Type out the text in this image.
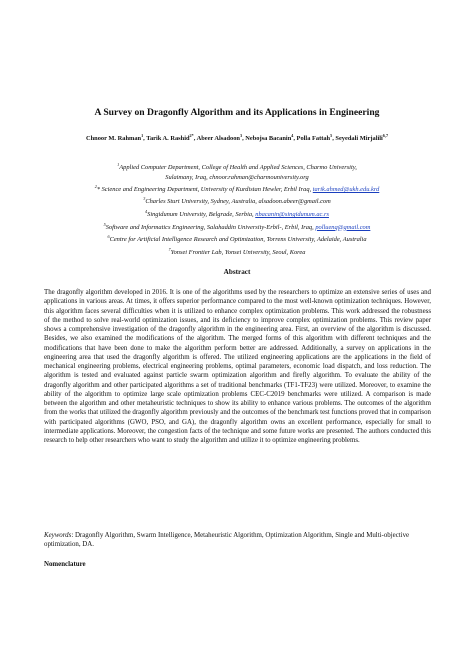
A Survey on Dragonfly Algorithm and its Applications in Engineering
Chnoor M. Rahman$^1$, Tarik A. Rashid$^{2*}$, Abeer Alsadoon$^3$, Nebojsa Bacanin$^4$, Polla Fattah$^5$, Seyedali Mirjalili$^{6,7}$
$^1$Applied Computer Department, College of Health and Applied Sciences, Charmo University,
Sulaimany, Iraq, chnoor.rahman@charmouniversity.org
$^2$* Science and Engineering Department, University of Kurdistan Hewler, Erbil Iraq, tarik.ahmed@ukh.edu.krd
$^3$Charles Sturt University, Sydney, Australia, alsadoon.abeer@gmail.com
$^4$Singidunum University, Belgrade, Serbia, nbacanin@singidunum.ac.rs
$^5$Software and Informatics Engineering, Salahaddin University-Erbil-, Erbil, Iraq, polluenq@gmail.com
$^6$Centre for Artificial Intelligence Research and Optimization, Torrens University, Adelaide, Australia
$^7$Yonsei Frontier Lab, Yonsei University, Seoul, Korea
Abstract
The dragonfly algorithm developed in 2016. It is one of the algorithms used by the researchers to optimize an extensive series of uses and applications in various areas. At times, it offers superior performance compared to the most well-known optimization techniques. However, this algorithm faces several difficulties when it is utilized to enhance complex optimization problems. This work addressed the robustness of the method to solve real-world optimization issues, and its deficiency to improve complex optimization problems. This review paper shows a comprehensive investigation of the dragonfly algorithm in the engineering area. First, an overview of the algorithm is discussed. Besides, we also examined the modifications of the algorithm. The merged forms of this algorithm with different techniques and the modifications that have been done to make the algorithm perform better are addressed. Additionally, a survey on applications in the engineering area that used the dragonfly algorithm is offered. The utilized engineering applications are the applications in the field of mechanical engineering problems, electrical engineering problems, optimal parameters, economic load dispatch, and loss reduction. The algorithm is tested and evaluated against particle swarm optimization algorithm and firefly algorithm. To evaluate the ability of the dragonfly algorithm and other participated algorithms a set of traditional benchmarks (TF1-TF23) were utilized. Moreover, to examine the ability of the algorithm to optimize large scale optimization problems CEC-C2019 benchmarks were utilized. A comparison is made between the algorithm and other metaheuristic techniques to show its ability to enhance various problems. The outcomes of the algorithm from the works that utilized the dragonfly algorithm previously and the outcomes of the benchmark test functions proved that in comparison with participated algorithms (GWO, PSO, and GA), the dragonfly algorithm owns an excellent performance, especially for small to intermediate applications. Moreover, the congestion facts of the technique and some future works are presented. The authors conducted this research to help other researchers who want to study the algorithm and utilize it to optimize engineering problems.
Keywords: Dragonfly Algorithm, Swarm Intelligence, Metaheuristic Algorithm, Optimization Algorithm, Single and Multi-objective optimization, DA.
Nomenclature
